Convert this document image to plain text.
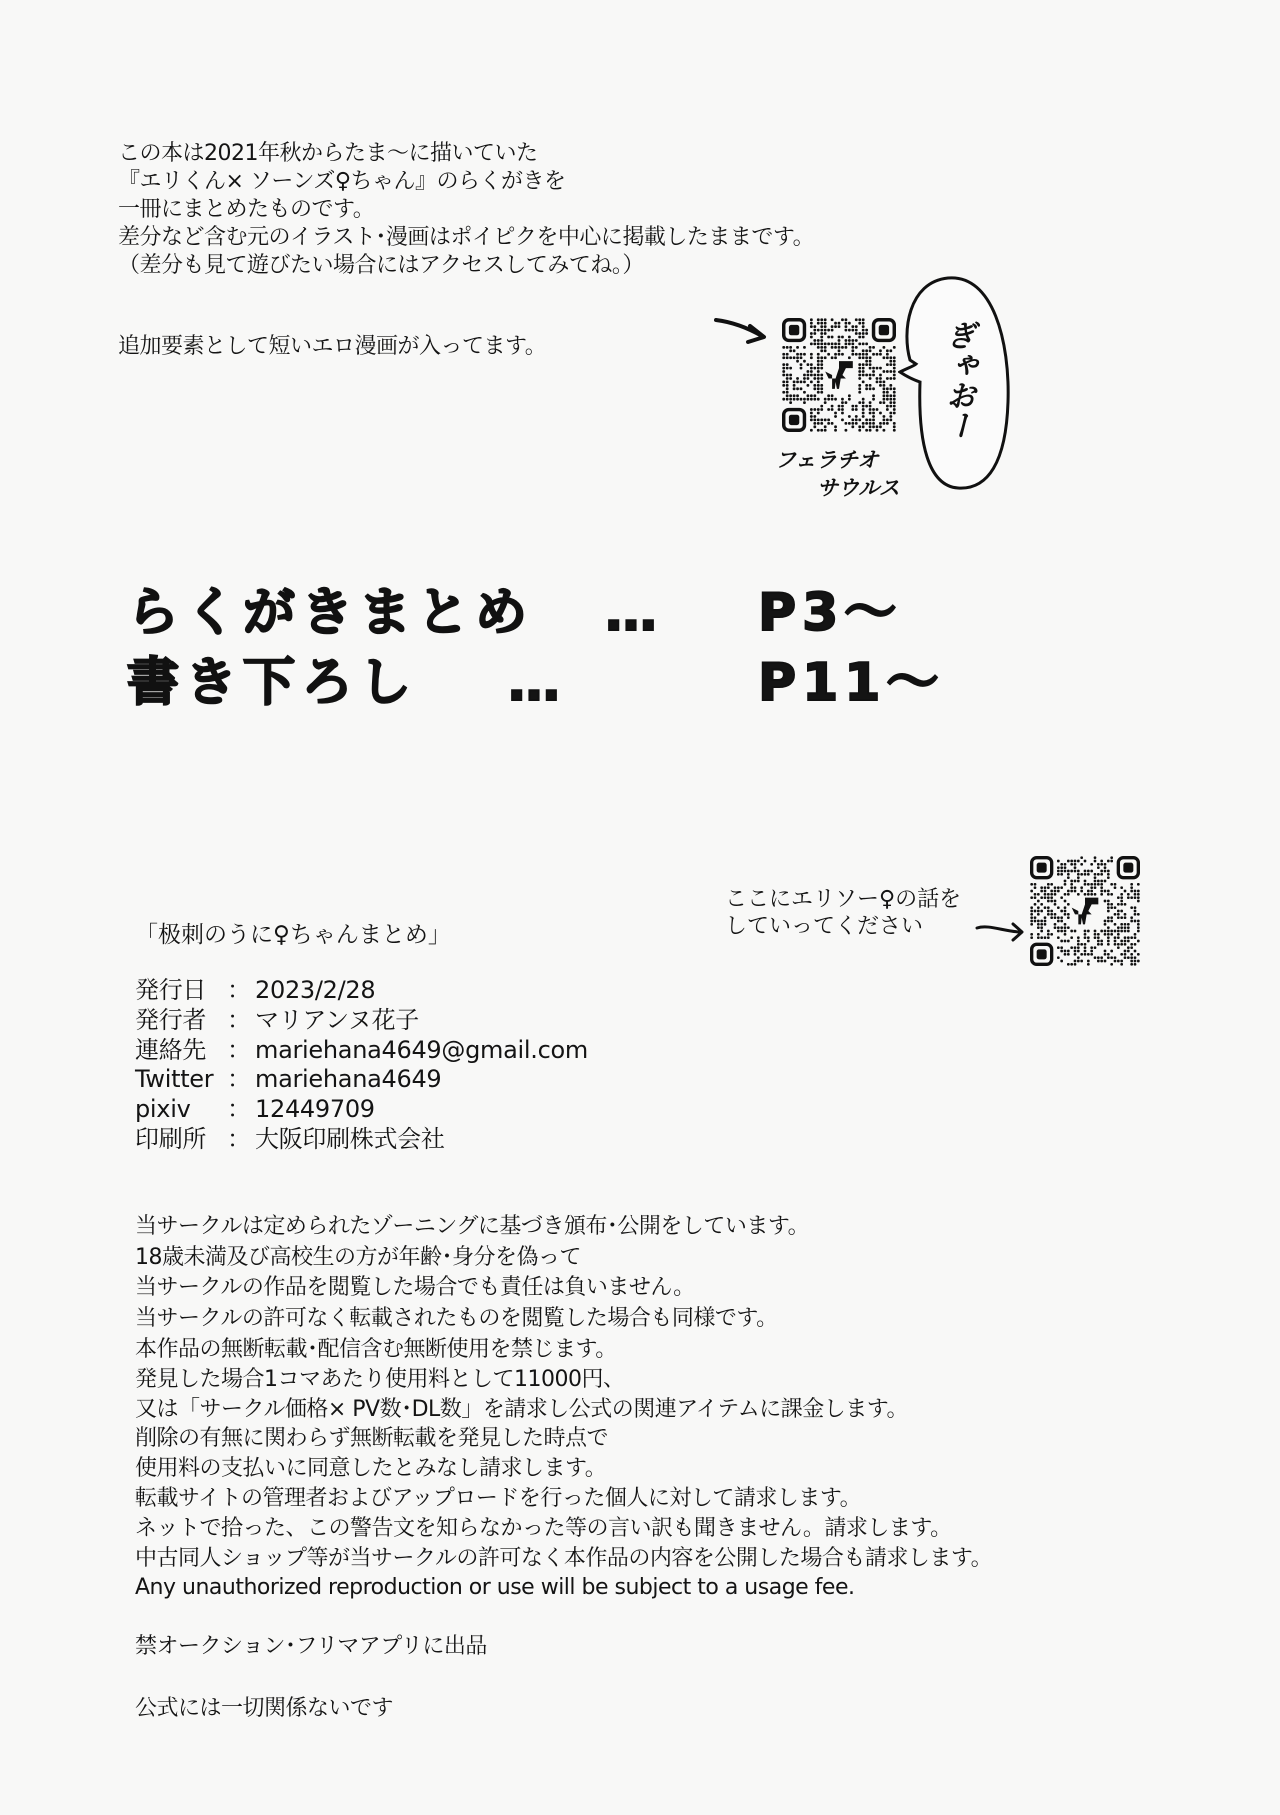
この本は2021年秋からたま～に描いていた
『エリくん× ソーンズ♀ちゃん』のらくがきを
一冊にまとめたものです。
差分など含む元のイラスト･漫画はポイピクを中心に掲載したままです。
（差分も見て遊びたい場合にはアクセスしてみてね。）
追加要素として短いエロ漫画が入ってます。	ぎゃおー
フェラチオ
サウルス
らくがきまとめ … P3～
書き下ろし …	P11～
ここにエリソー♀の話を
していってください
「极刺のうに♀ちゃんまとめ」
発行日 ： 2023/2/28
発行者 ： マリアンヌ花子
連絡先 ： mariehana4649@gmail.com
Twitter ： mariehana4649
pixiv	： 12449709
印刷所 ： 大阪印刷株式会社
当サークルは定められたゾーニングに基づき頒布･公開をしています。
18歳未満及び高校生の方が年齢･身分を偽って
当サークルの作品を閲覧した場合でも責任は負いません。
当サークルの許可なく転載されたものを閲覧した場合も同様です。
本作品の無断転載･配信含む無断使用を禁じます。
発見した場合1コマあたり使用料として11000円、
又は「サークル価格× PV数･DL数」を請求し公式の関連アイテムに課金します。
削除の有無に関わらず無断転載を発見した時点で
使用料の支払いに同意したとみなし請求します。
転載サイトの管理者およびアップロードを行った個人に対して請求します。
ネットで拾った、この警告文を知らなかった等の言い訳も聞きません。請求します。
中古同人ショップ等が当サークルの許可なく本作品の内容を公開した場合も請求します。
Any unauthorized reproduction or use will be subject to a usage fee.
禁オークション･フリマアプリに出品
公式には一切関係ないです
